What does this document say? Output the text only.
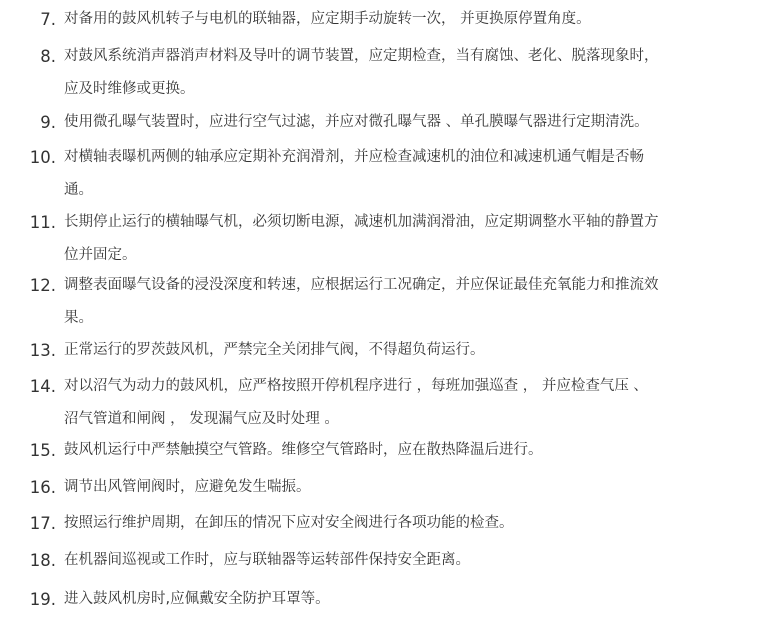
7. 对备用的鼓风机转子与电机的联轴器，应定期手动旋转一次， 并更换原停置角度。
8. 对鼓风系统消声器消声材料及导叶的调节装置，应定期检查，当有腐蚀、老化、脱落现象时，
应及时维修或更换。
9. 使用微孔曝气装置时，应进行空气过滤，并应对微孔曝气器 、单孔膜曝气器进行定期清洗。
10. 对横轴表曝机两侧的轴承应定期补充润滑剂，并应检查减速机的油位和减速机通气帽是否畅
通。
11. 长期停止运行的横轴曝气机，必须切断电源，减速机加满润滑油，应定期调整水平轴的静置方
位并固定。
12. 调整表面曝气设备的浸没深度和转速，应根据运行工况确定，并应保证最佳充氧能力和推流效
果。
13. 正常运行的罗茨鼓风机，严禁完全关闭排气阀，不得超负荷运行。
14. 对以沼气为动力的鼓风机，应严格按照开停机程序进行 ，每班加强巡查 ， 并应检查气压 、
沼气管道和闸阀 ， 发现漏气应及时处理 。
15. 鼓风机运行中严禁触摸空气管路。维修空气管路时，应在散热降温后进行。
16. 调节出风管闸阀时，应避免发生喘振。
17. 按照运行维护周期，在卸压的情况下应对安全阀进行各项功能的检查。
18. 在机器间巡视或工作时，应与联轴器等运转部件保持安全距离。
19. 进入鼓风机房时,应佩戴安全防护耳罩等。
